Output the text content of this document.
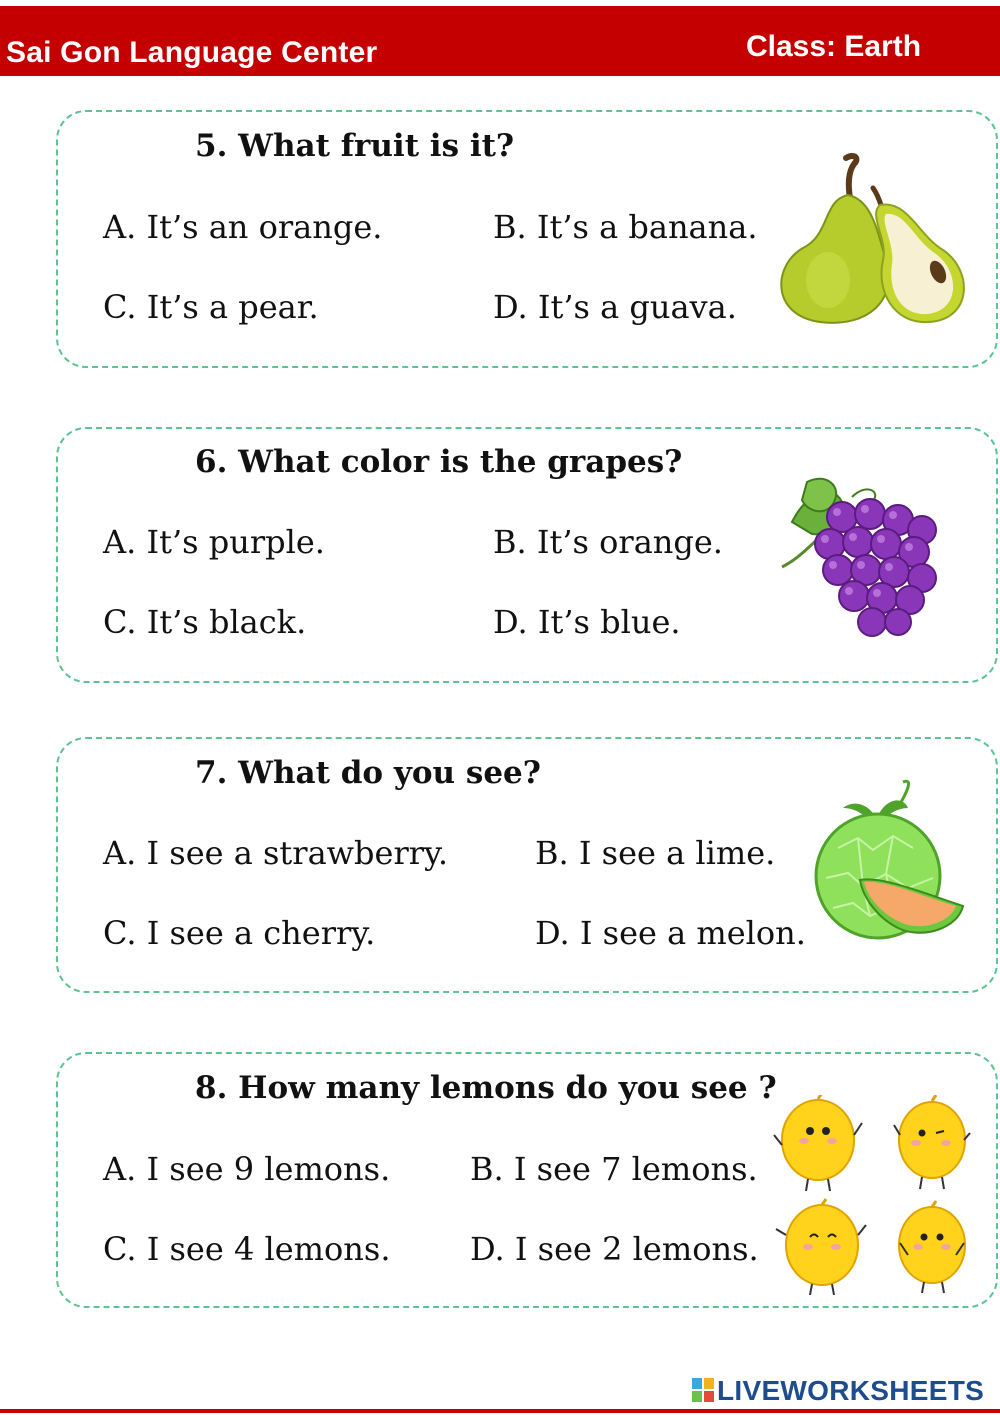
Sai Gon Language Center	Class: Earth
5. What fruit is it?
A. It’s an orange.	B. It’s a banana.
C. It’s a pear.	D. It’s a guava.
6. What color is the grapes?
A. It’s purple.	B. It’s orange.
C. It’s black.	D. It’s blue.
7. What do you see?
A. I see a strawberry.	B. I see a lime.
C. I see a cherry.	D. I see a melon.
8. How many lemons do you see ?
A. I see 9 lemons. B. I see 7 lemons.
C. I see 4 lemons. D. I see 2 lemons.
LIVEWORKSHEETS
